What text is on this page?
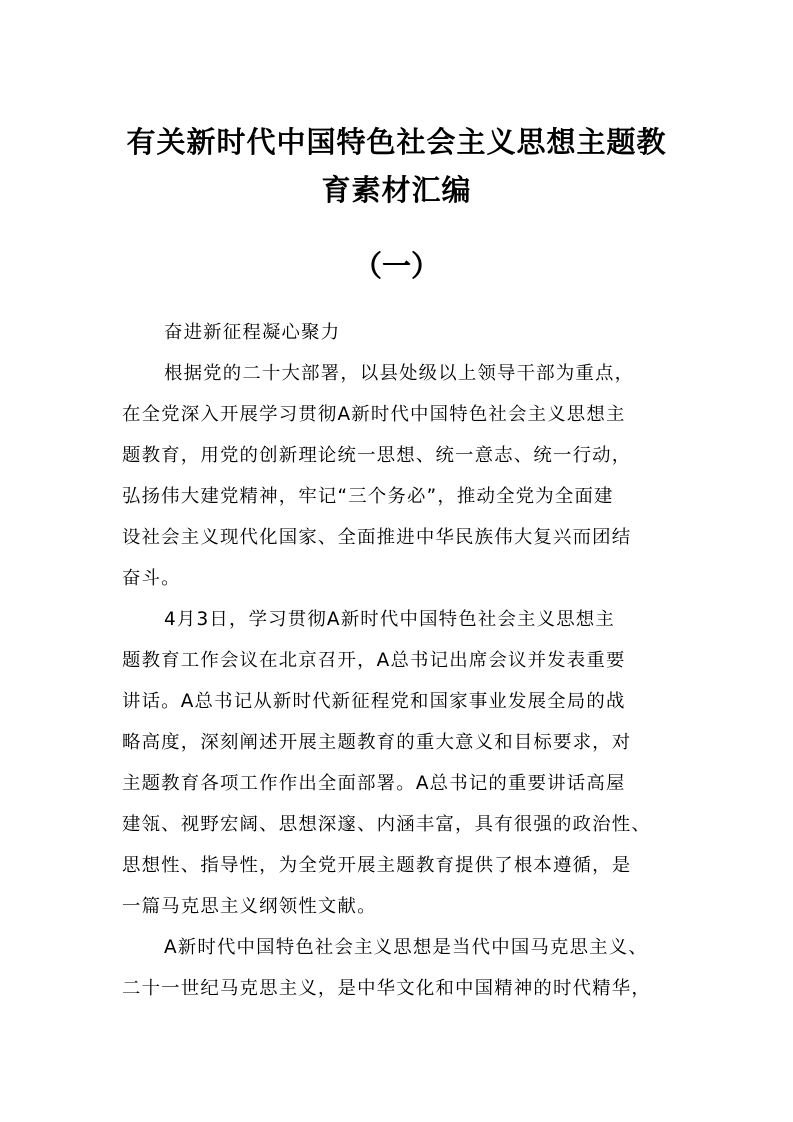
有关新时代中国特色社会主义思想主题教
育素材汇编
（一）
奋进新征程凝心聚力
根据党的二十大部署，以县处级以上领导干部为重点，
在全党深入开展学习贯彻A新时代中国特色社会主义思想主
题教育，用党的创新理论统一思想、统一意志、统一行动，
弘扬伟大建党精神，牢记“三个务必”，推动全党为全面建
设社会主义现代化国家、全面推进中华民族伟大复兴而团结
奋斗。
4月3日，学习贯彻A新时代中国特色社会主义思想主
题教育工作会议在北京召开，A总书记出席会议并发表重要
讲话。A总书记从新时代新征程党和国家事业发展全局的战
略高度，深刻阐述开展主题教育的重大意义和目标要求，对
主题教育各项工作作出全面部署。A总书记的重要讲话高屋
建瓴、视野宏阔、思想深邃、内涵丰富，具有很强的政治性、
思想性、指导性，为全党开展主题教育提供了根本遵循，是
一篇马克思主义纲领性文献。
A新时代中国特色社会主义思想是当代中国马克思主义、
二十一世纪马克思主义，是中华文化和中国精神的时代精华，
